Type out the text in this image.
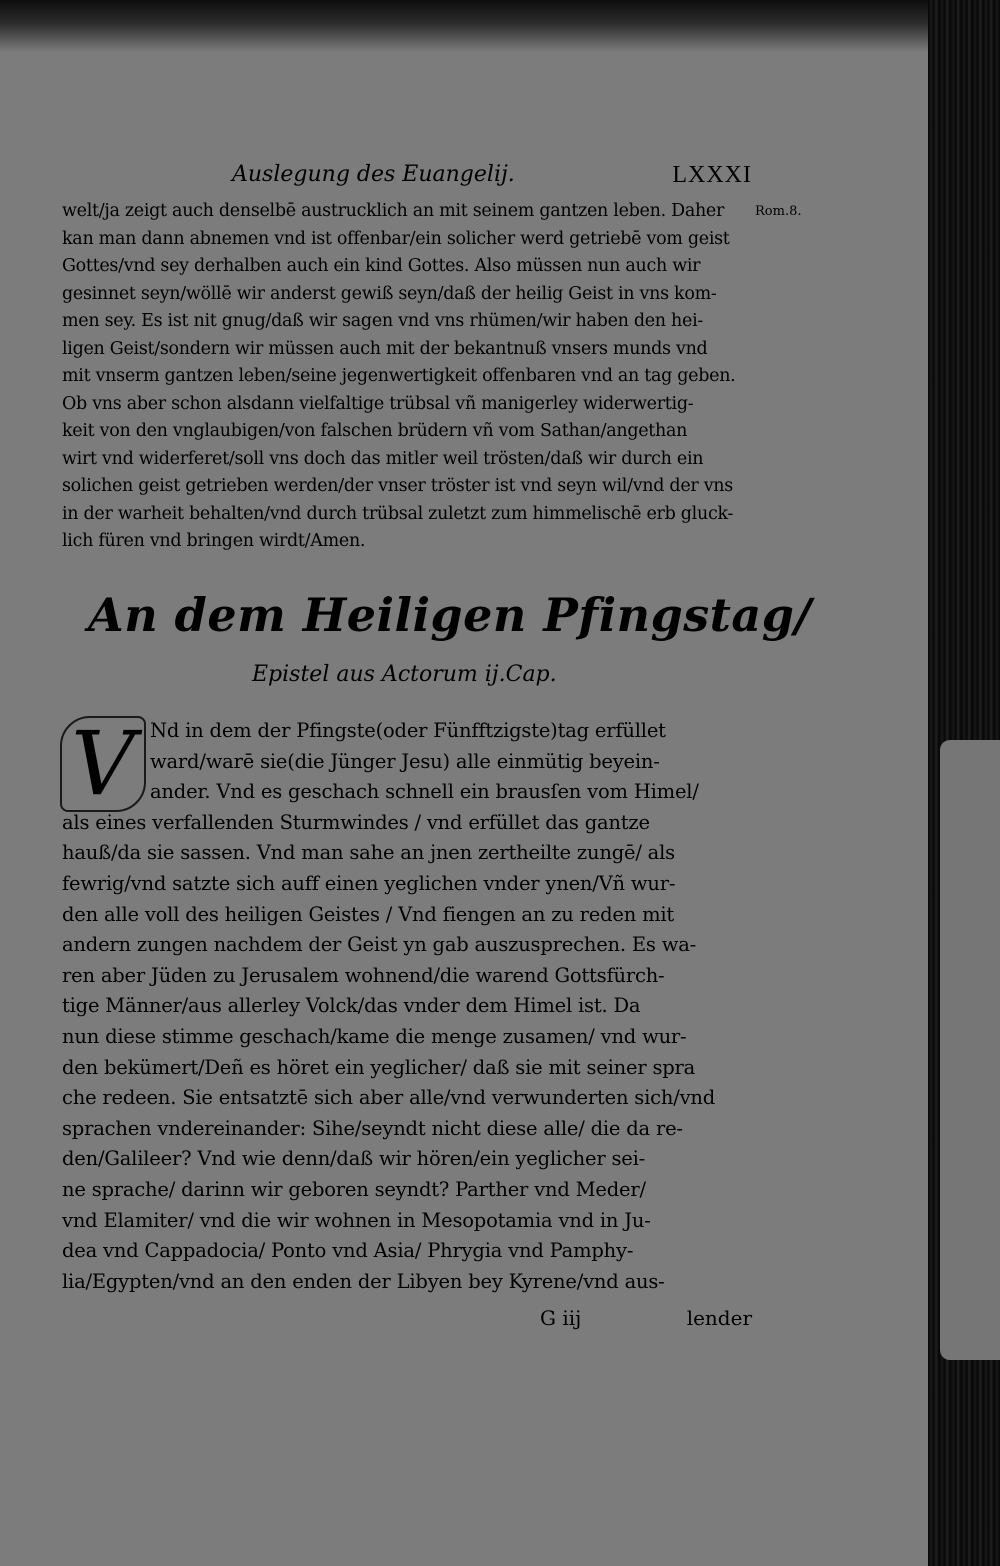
Auslegung des Euangelij.	LXXXI
Rom.8.
welt/ja zeigt auch denselbē austrucklich an mit seinem gantzen leben. Daher
kan man dann abnemen vnd ist offenbar/ein solicher werd getriebē vom geist
Gottes/vnd sey derhalben auch ein kind Gottes. Also müssen nun auch wir
gesinnet seyn/wöllē wir anderst gewiß seyn/daß der heilig Geist in vns kom-
men sey. Es ist nit gnug/daß wir sagen vnd vns rhümen/wir haben den hei-
ligen Geist/sondern wir müssen auch mit der bekantnuß vnsers munds vnd
mit vnserm gantzen leben/seine jegenwertigkeit offenbaren vnd an tag geben.
Ob vns aber schon alsdann vielfaltige trübsal vñ manigerley widerwertig-
keit von den vnglaubigen/von falschen brüdern vñ vom Sathan/angethan
wirt vnd widerferet/soll vns doch das mitler weil trösten/daß wir durch ein
solichen geist getrieben werden/der vnser tröster ist vnd seyn wil/vnd der vns
in der warheit behalten/vnd durch trübsal zuletzt zum himmelischē erb gluck-
lich füren vnd bringen wirdt/Amen.
An dem Heiligen Pfingstag/
Epistel aus Actorum ij.Cap.
Nd in dem der Pfingste(oder Fünfftzigste)tag erfüllet
ward/warē sie(die Jünger Jesu) alle einmütig beyein-
ander. Vnd es geschach schnell ein brausſen vom Himel/
als eines verfallenden Sturmwindes / vnd erfüllet das gantze
hauß/da sie sassen. Vnd man sahe an jnen zertheilte zungē/ als
fewrig/vnd satzte sich auff einen yeglichen vnder ynen/Vñ wur-
den alle voll des heiligen Geistes / Vnd fiengen an zu reden mit
andern zungen nachdem der Geist yn gab auszusprechen. Es wa-
ren aber Jüden zu Jerusalem wohnend/die warend Gottsfürch-
tige Männer/aus allerley Volck/das vnder dem Himel ist. Da
nun diese stimme geschach/kame die menge zusamen/ vnd wur-
den bekümert/Deñ es höret ein yeglicher/ daß sie mit seiner spra
che redeen. Sie entsatztē sich aber alle/vnd verwunderten sich/vnd
sprachen vndereinander: Sihe/seyndt nicht diese alle/ die da re-
den/Galileer? Vnd wie denn/daß wir hören/ein yeglicher sei-
ne sprache/ darinn wir geboren seyndt? Parther vnd Meder/
vnd Elamiter/ vnd die wir wohnen in Mesopotamia vnd in Ju-
dea vnd Cappadocia/ Ponto vnd Asia/ Phrygia vnd Pamphy-
lia/Egypten/vnd an den enden der Libyen bey Kyrene/vnd aus-
V
G iij	lender
